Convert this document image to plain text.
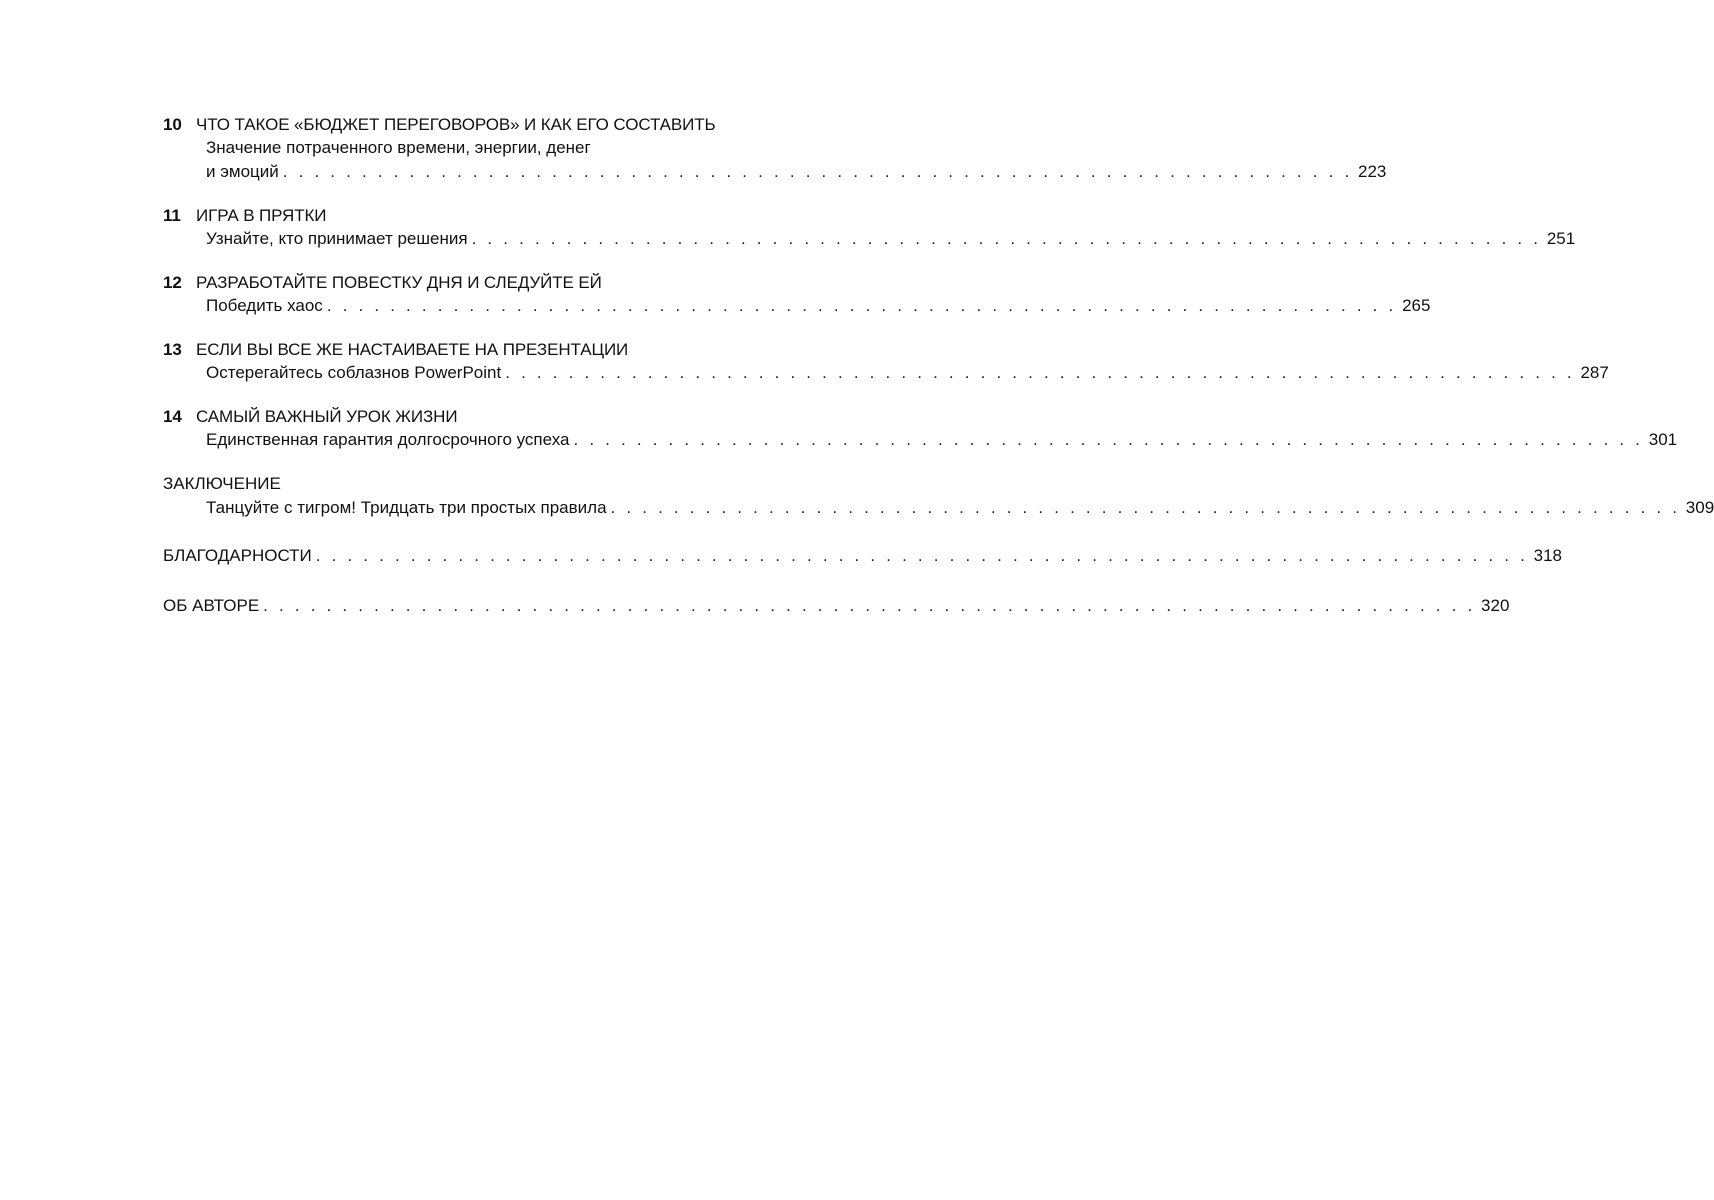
10 ЧТО ТАКОЕ «БЮДЖЕТ ПЕРЕГОВОРОВ» И КАК ЕГО СОСТАВИТЬ
Значение потраченного времени, энергии, денег
и эмоций . . . . . . . . . . . . . . . . . . . . . . . . . . . . . . . . . . . . . . . . . . . . . . . . . . . . . . . . . . . . . . . . . . . . 223
11 ИГРА В ПРЯТКИ
Узнайте, кто принимает решения . . . . . . . . . . . . . . . . . . . . . . . . . . . . . . . . . . . . . . . . . . . . . . . . . . . . . . . . . . . . . . . . . . . . 251
12 РАЗРАБОТАЙТЕ ПОВЕСТКУ ДНЯ И СЛЕДУЙТЕ ЕЙ
Победить хаос . . . . . . . . . . . . . . . . . . . . . . . . . . . . . . . . . . . . . . . . . . . . . . . . . . . . . . . . . . . . . . . . . . . . 265
13 ЕСЛИ ВЫ ВСЕ ЖЕ НАСТАИВАЕТЕ НА ПРЕЗЕНТАЦИИ
Остерегайтесь соблазнов PowerPoint . . . . . . . . . . . . . . . . . . . . . . . . . . . . . . . . . . . . . . . . . . . . . . . . . . . . . . . . . . . . . . . . . . . . 287
14 САМЫЙ ВАЖНЫЙ УРОК ЖИЗНИ
Единственная гарантия долгосрочного успеха . . . . . . . . . . . . . . . . . . . . . . . . . . . . . . . . . . . . . . . . . . . . . . . . . . . . . . . . . . . . . . . . . . . . 301
ЗАКЛЮЧЕНИЕ
Танцуйте с тигром! Тридцать три простых правила . . . . . . . . . . . . . . . . . . . . . . . . . . . . . . . . . . . . . . . . . . . . . . . . . . . . . . . . . . . . . . . . . . . . 309
БЛАГОДАРНОСТИ . . . . . . . . . . . . . . . . . . . . . . . . . . . . . . . . . . . . . . . . . . . . . . . . . . . . . . . . . . . . . . . . . . . . . . . . . . . . . 318
ОБ АВТОРЕ . . . . . . . . . . . . . . . . . . . . . . . . . . . . . . . . . . . . . . . . . . . . . . . . . . . . . . . . . . . . . . . . . . . . . . . . . . . . . 320
